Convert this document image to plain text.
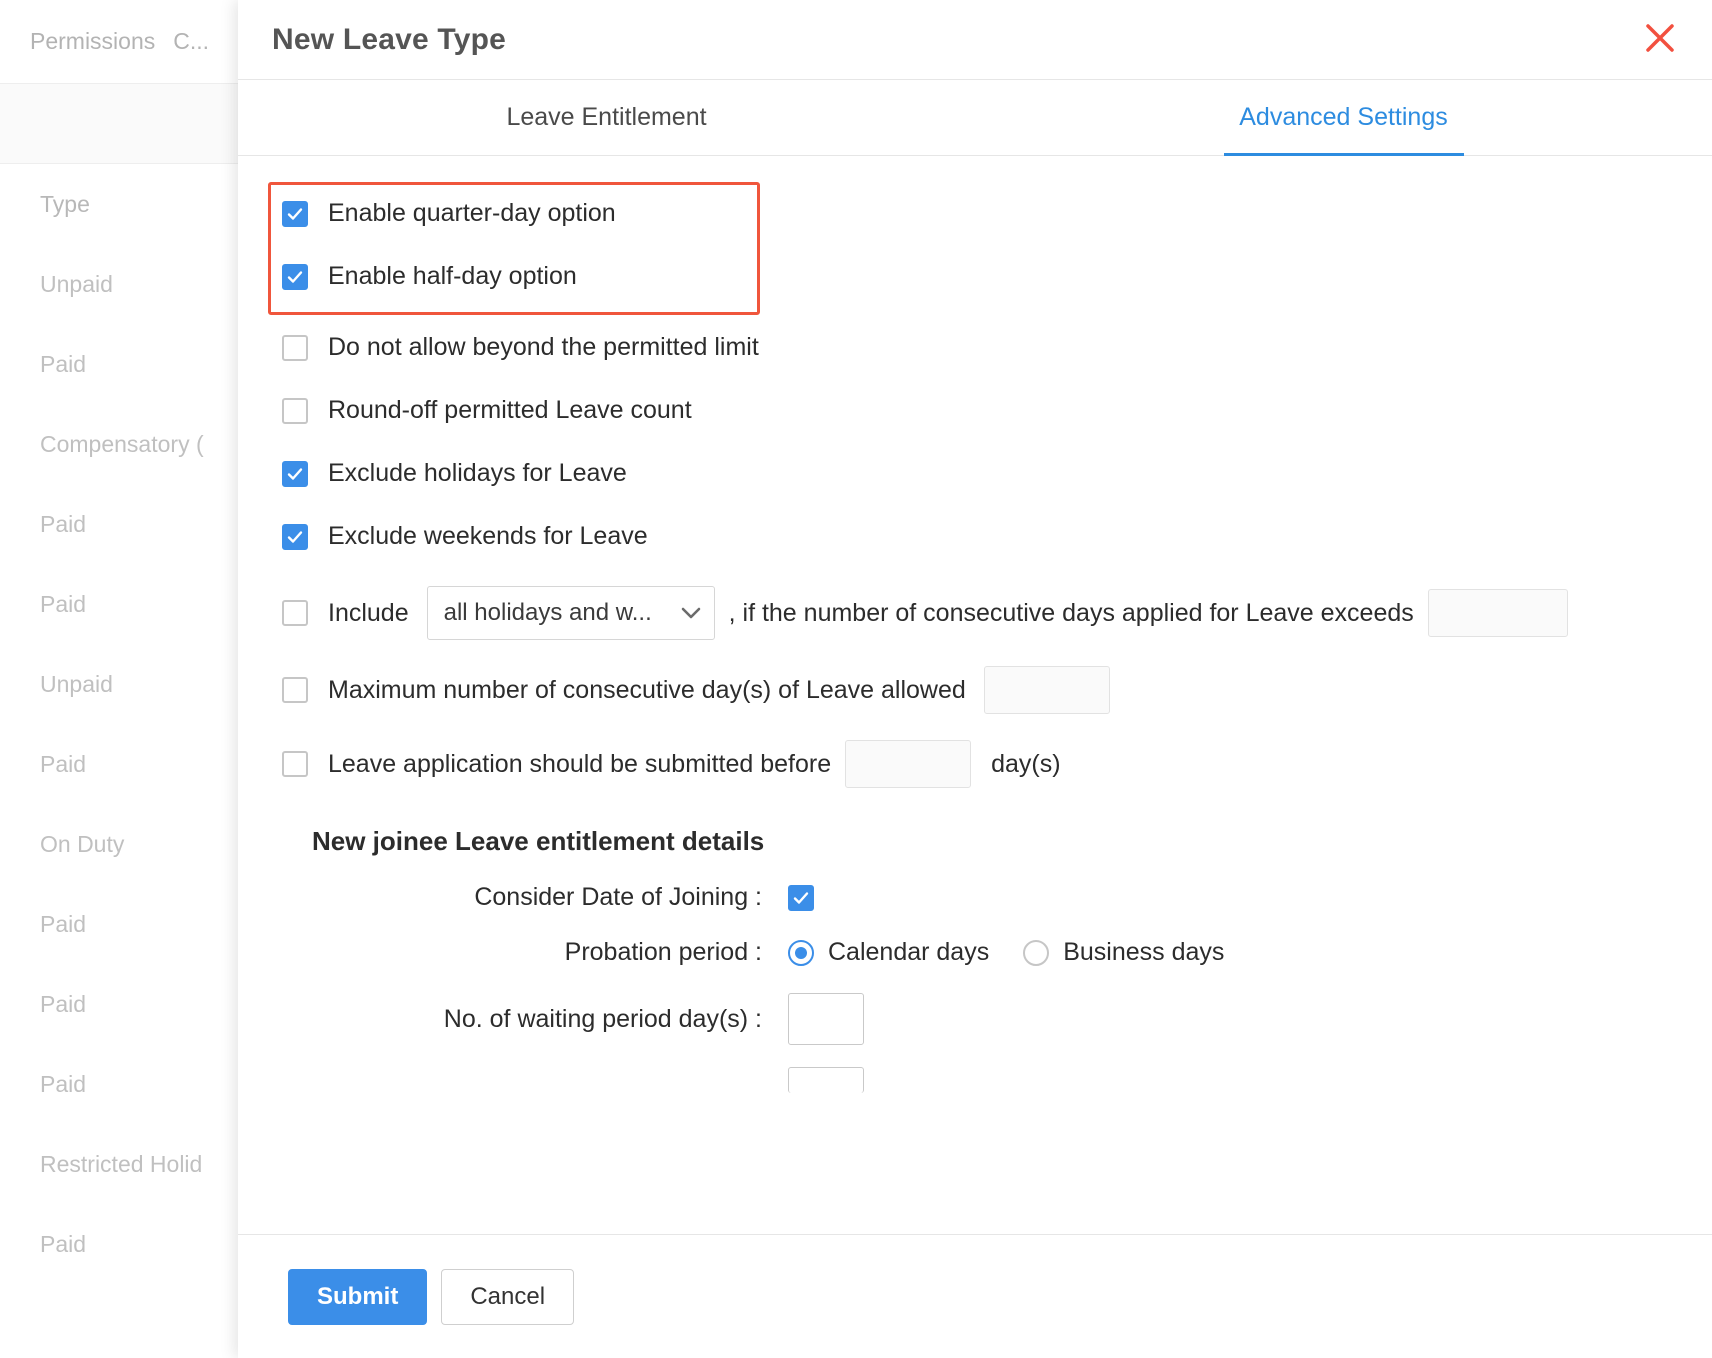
Permissions C...
Type
Unpaid
Paid
Compensatory (
Paid
Paid
Unpaid
Paid
On Duty
Paid
Paid
Paid
Restricted Holid
Paid
New Leave Type
Leave Entitlement	Advanced Settings
Enable quarter-day option
Enable half-day option
Do not allow beyond the permitted limit
Round-off permitted Leave count
Exclude holidays for Leave
Exclude weekends for Leave
Include all holidays and w...	, if the number of consecutive days applied for Leave exceeds
Maximum number of consecutive day(s) of Leave allowed
Leave application should be submitted before	day(s)
New joinee Leave entitlement details
Consider Date of Joining :
Probation period :	Calendar days	Business days
No. of waiting period day(s) :
Submit	Cancel
